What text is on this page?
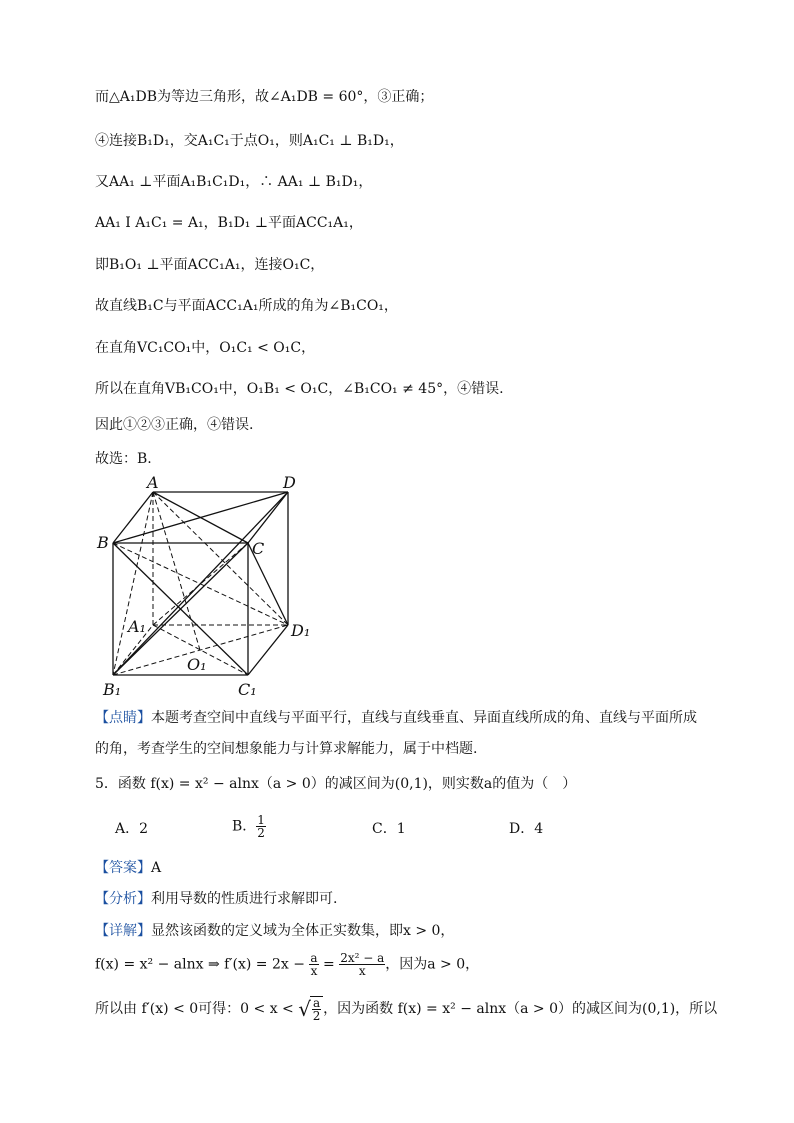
而△A₁DB为等边三角形，故∠A₁DB = 60°，③正确；
④连接B₁D₁，交A₁C₁于点O₁，则A₁C₁ ⊥ B₁D₁，
又AA₁ ⊥平面A₁B₁C₁D₁，∴ AA₁ ⊥ B₁D₁，
AA₁ I A₁C₁ = A₁，B₁D₁ ⊥平面ACC₁A₁，
即B₁O₁ ⊥平面ACC₁A₁，连接O₁C，
故直线B₁C与平面ACC₁A₁所成的角为∠B₁CO₁，
在直角VC₁CO₁中，O₁C₁ < O₁C，
所以在直角VB₁CO₁中，O₁B₁ < O₁C，∠B₁CO₁ ≠ 45°，④错误.
因此①②③正确，④错误.
故选：B.
A	D
B	C
A₁	D₁
O₁
B₁	C₁
【点睛】本题考查空间中直线与平面平行，直线与直线垂直、异面直线所成的角、直线与平面所成
的角，考查学生的空间想象能力与计算求解能力，属于中档题.
5．函数 f(x) = x² − alnx（a > 0）的减区间为(0,1)，则实数a的值为（　）
A．2	B． $\frac{1}{2}$	C．1	D．4
【答案】A
【分析】利用导数的性质进行求解即可.
【详解】显然该函数的定义域为全体正实数集，即x > 0，
f(x) = x² − alnx ⇒ $f'(x) = 2x - \frac{a}{x} = \frac{\text{2x² − a}}{x}$ ，因为a > 0，
所以由 f′(x) < 0可得：0 < x < √ $\frac{a}{2}$ ，因为函数 f(x) = x² − alnx（a > 0）的减区间为(0,1)，所以
